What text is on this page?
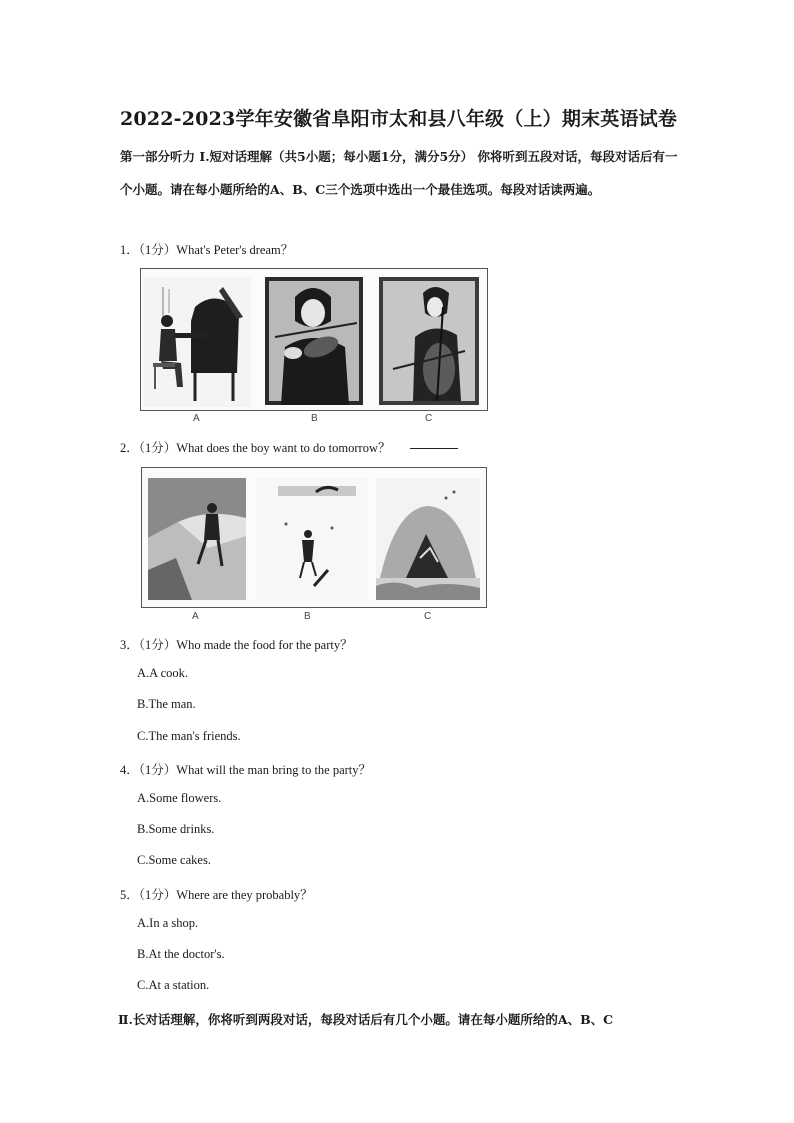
2022-2023学年安徽省阜阳市太和县八年级（上）期末英语试卷
第一部分听力 I.短对话理解（共5小题；每小题1分，满分5分） 你将听到五段对话，每段对话后有一个小题。请在每小题所给的A、B、C三个选项中选出一个最佳选项。每段对话读两遍。
1．（1分）What's Peter's dream？
A	B	C
2．（1分）What does the boy want to do tomorrow？
A	B	C
3．（1分）Who made the food for the party？
A.A cook.
B.The man.
C.The man's friends.
4．（1分）What will the man bring to the party？
A.Some flowers.
B.Some drinks.
C.Some cakes.
5．（1分）Where are they probably？
A.In a shop.
B.At the doctor's.
C.At a station.
Ⅱ.长对话理解，你将听到两段对话，每段对话后有几个小题。请在每小题所给的A、B、C
